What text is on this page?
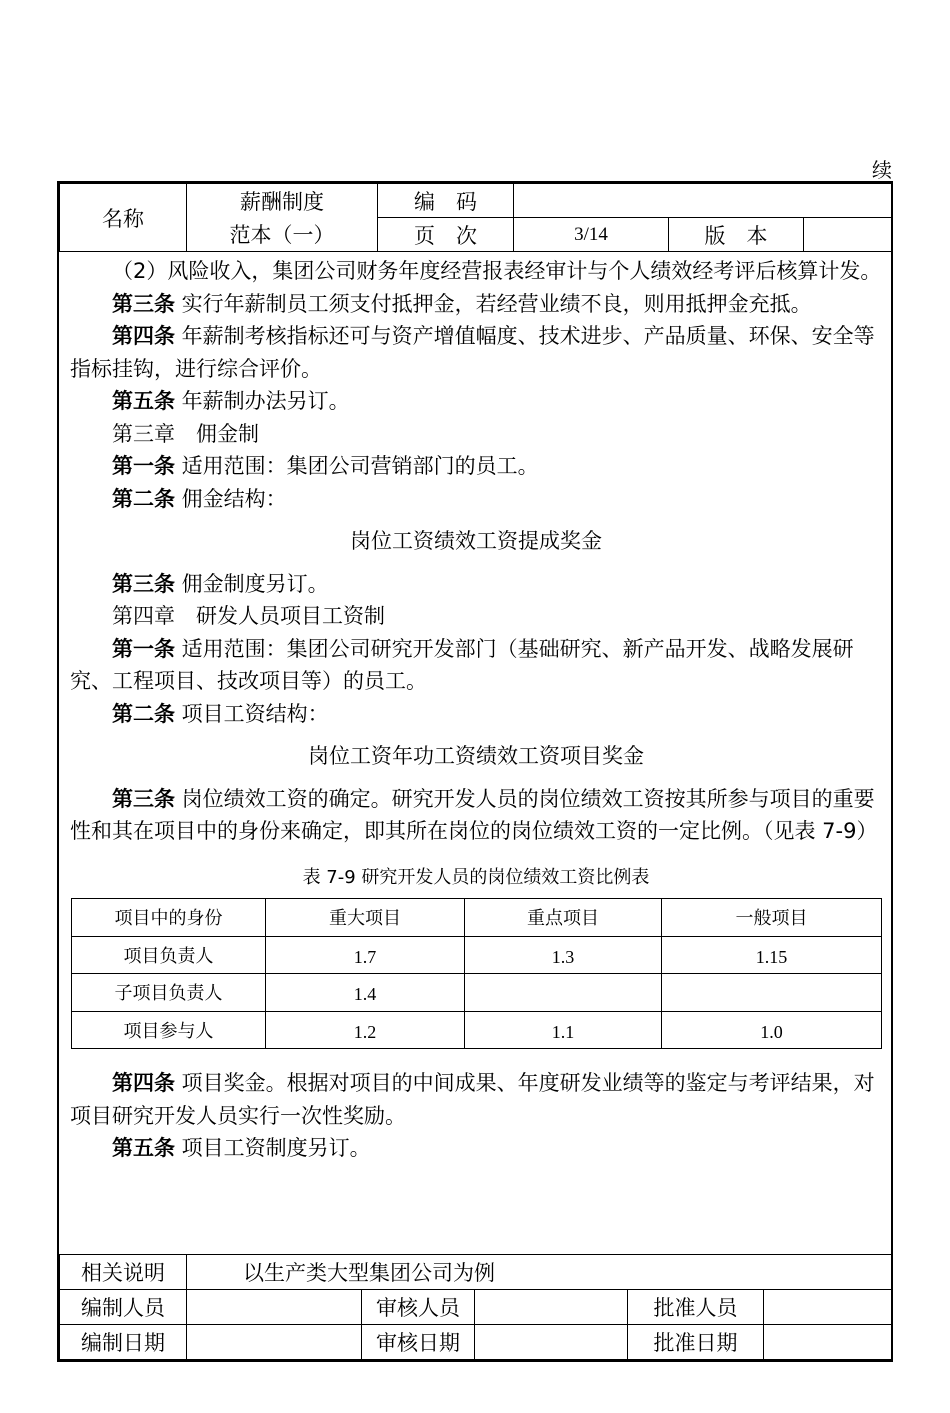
续
名称	薪酬制度	编　码			
	范本（一）	页　次	3/14	版　本	

（2）风险收入，集团公司财务年度经营报表经审计与个人绩效经考评后核算计发。

第三条 实行年薪制员工须支付抵押金，若经营业绩不良，则用抵押金充抵。

第四条 年薪制考核指标还可与资产增值幅度、技术进步、产品质量、环保、安全等指标挂钩，进行综合评价。

第五条 年薪制办法另订。

第三章　佣金制

第一条 适用范围：集团公司营销部门的员工。

第二条 佣金结构：

岗位工资绩效工资提成奖金

第三条 佣金制度另订。

第四章　研发人员项目工资制

第一条 适用范围：集团公司研究开发部门（基础研究、新产品开发、战略发展研究、工程项目、技改项目等）的员工。

第二条 项目工资结构：

岗位工资年功工资绩效工资项目奖金

第三条 岗位绩效工资的确定。研究开发人员的岗位绩效工资按其所参与项目的重要性和其在项目中的身份来确定，即其所在岗位的岗位绩效工资的一定比例。（见表 7-9）

表 7-9 研究开发人员的岗位绩效工资比例表
项目中的身份	重大项目	重点项目	一般项目
项目负责人	1.7	1.3	1.15
子项目负责人	1.4		
项目参与人	1.2	1.1	1.0

第四条 项目奖金。根据对项目的中间成果、年度研发业绩等的鉴定与考评结果，对项目研究开发人员实行一次性奖励。

第五条 项目工资制度另订。

相关说明	以生产类大型集团公司为例				
编制人员		审核人员		批准人员	
编制日期		审核日期		批准日期	
